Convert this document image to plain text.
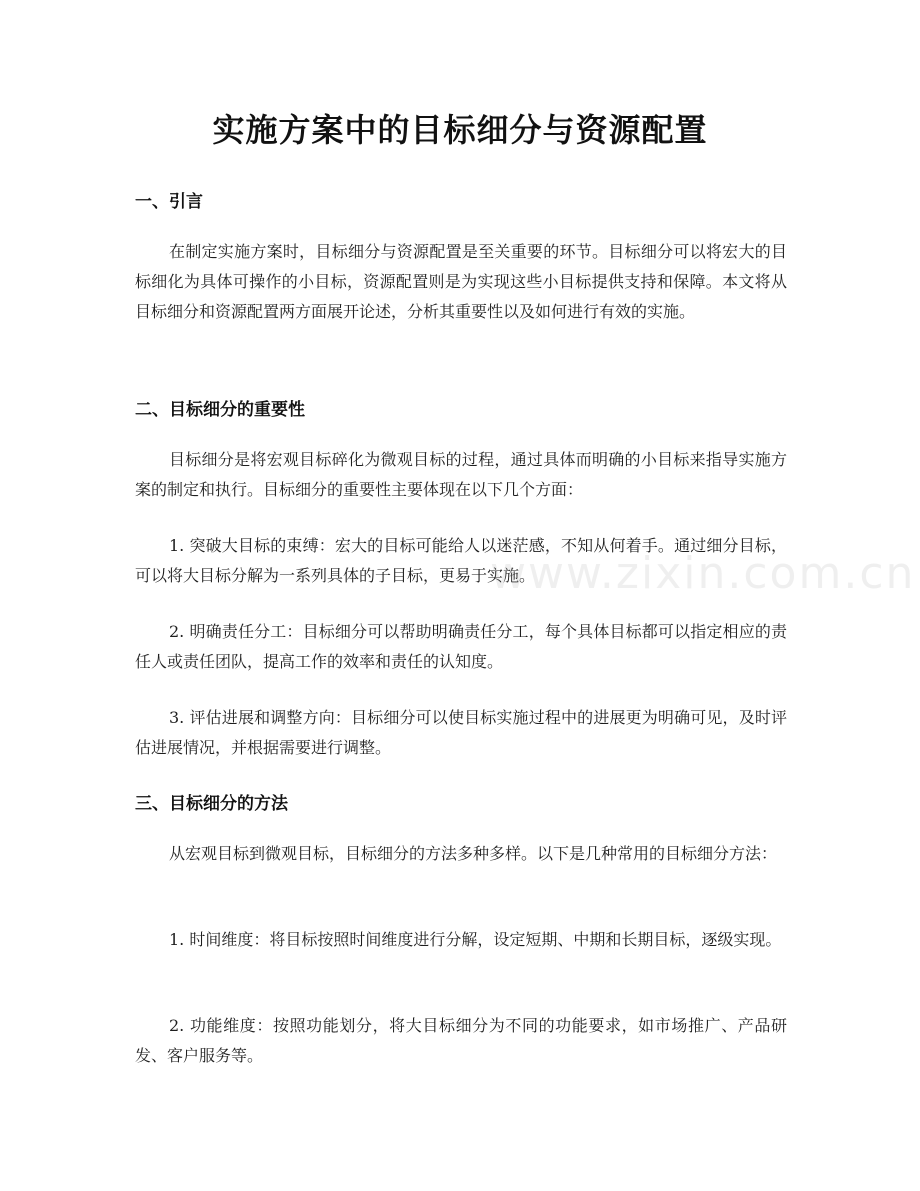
实施方案中的目标细分与资源配置
一、引言
在制定实施方案时，目标细分与资源配置是至关重要的环节。目标细分可以将宏大的目标细化为具体可操作的小目标，资源配置则是为实现这些小目标提供支持和保障。本文将从目标细分和资源配置两方面展开论述，分析其重要性以及如何进行有效的实施。
二、目标细分的重要性
目标细分是将宏观目标碎化为微观目标的过程，通过具体而明确的小目标来指导实施方案的制定和执行。目标细分的重要性主要体现在以下几个方面：
1. 突破大目标的束缚：宏大的目标可能给人以迷茫感，不知从何着手。通过细分目标，可以将大目标分解为一系列具体的子目标，更易于实施。
2. 明确责任分工：目标细分可以帮助明确责任分工，每个具体目标都可以指定相应的责任人或责任团队，提高工作的效率和责任的认知度。
3. 评估进展和调整方向：目标细分可以使目标实施过程中的进展更为明确可见，及时评估进展情况，并根据需要进行调整。
三、目标细分的方法
从宏观目标到微观目标，目标细分的方法多种多样。以下是几种常用的目标细分方法：
1. 时间维度：将目标按照时间维度进行分解，设定短期、中期和长期目标，逐级实现。
2. 功能维度：按照功能划分，将大目标细分为不同的功能要求，如市场推广、产品研发、客户服务等。
www.zixin.com.cn
